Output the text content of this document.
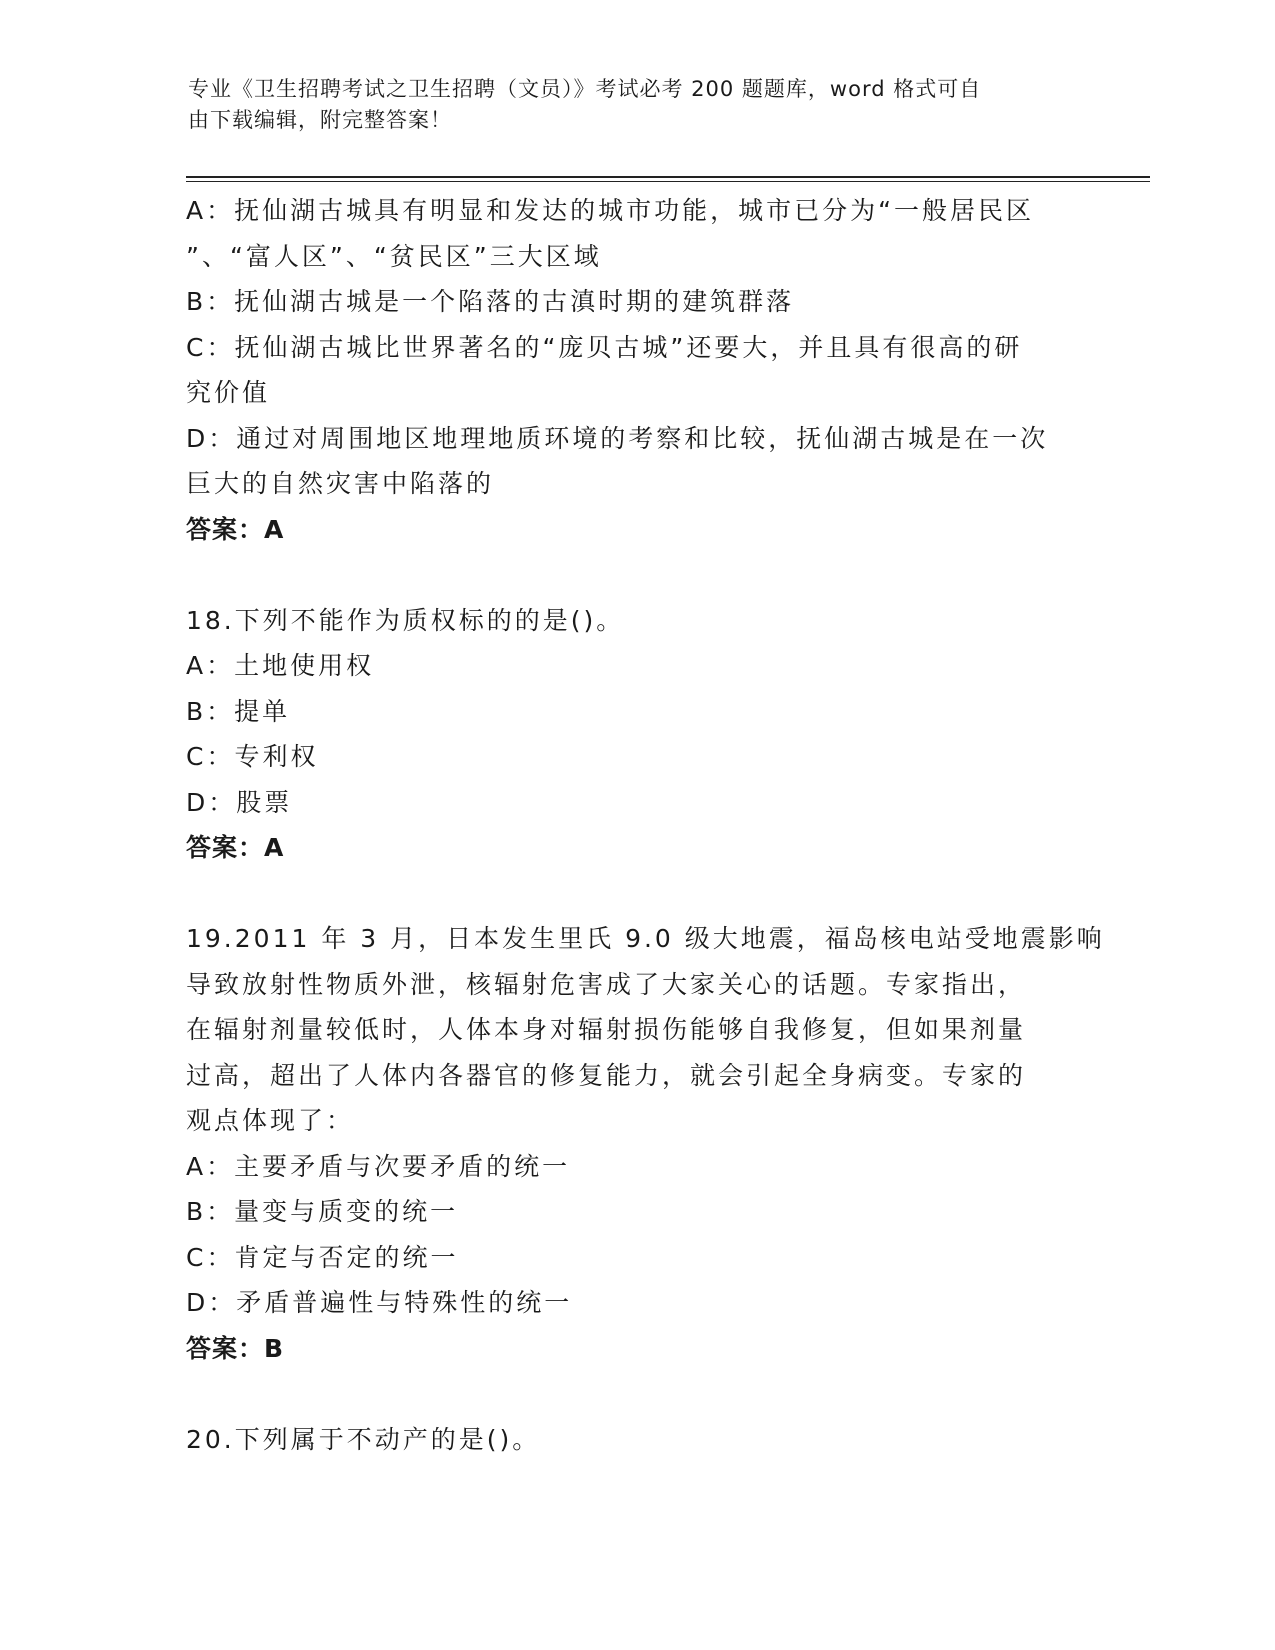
专业《卫生招聘考试之卫生招聘（文员）》考试必考 200 题题库，word 格式可自
由下载编辑，附完整答案！
A：抚仙湖古城具有明显和发达的城市功能，城市已分为“一般居民区
”、“富人区”、“贫民区”三大区域
B：抚仙湖古城是一个陷落的古滇时期的建筑群落
C：抚仙湖古城比世界著名的“庞贝古城”还要大，并且具有很高的研
究价值
D：通过对周围地区地理地质环境的考察和比较，抚仙湖古城是在一次
巨大的自然灾害中陷落的
答案：A
18.下列不能作为质权标的的是()。
A：土地使用权
B：提单
C：专利权
D：股票
答案：A
19.2011 年 3 月，日本发生里氏 9.0 级大地震，福岛核电站受地震影响
导致放射性物质外泄，核辐射危害成了大家关心的话题。专家指出，
在辐射剂量较低时，人体本身对辐射损伤能够自我修复，但如果剂量
过高，超出了人体内各器官的修复能力，就会引起全身病变。专家的
观点体现了：
A：主要矛盾与次要矛盾的统一
B：量变与质变的统一
C：肯定与否定的统一
D：矛盾普遍性与特殊性的统一
答案：B
20.下列属于不动产的是()。
